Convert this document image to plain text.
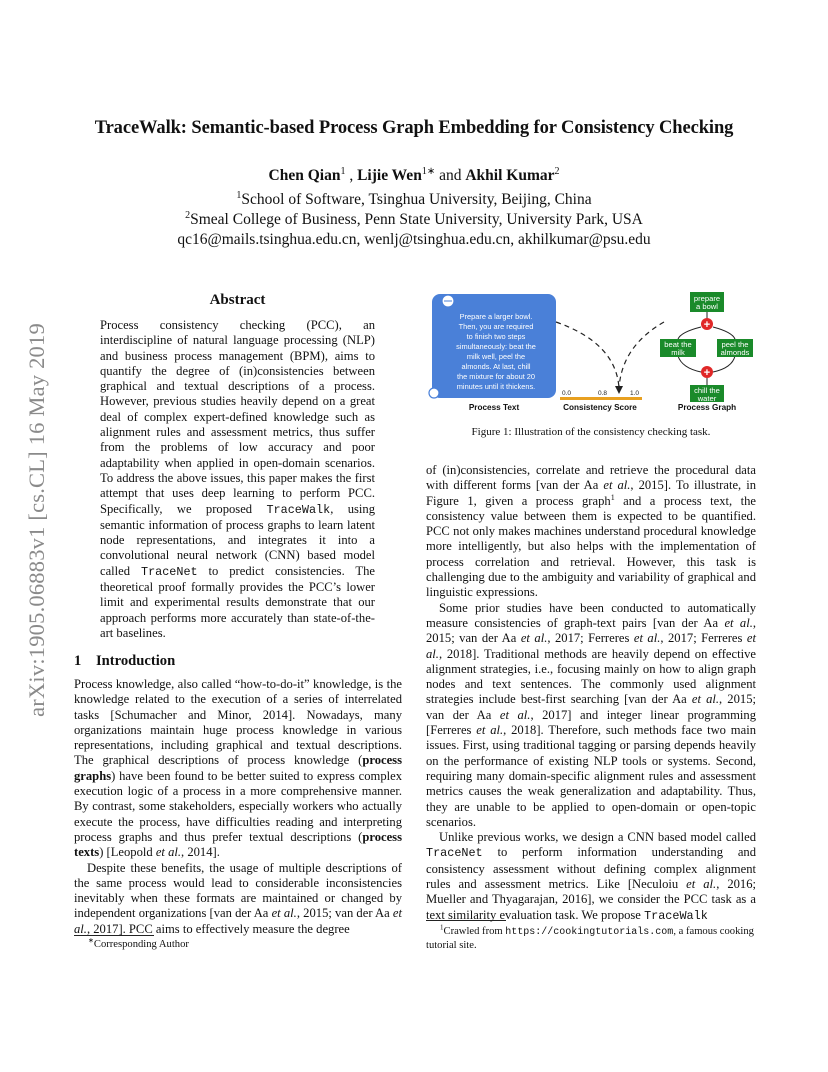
arXiv:1905.06883v1 [cs.CL] 16 May 2019
TraceWalk: Semantic-based Process Graph Embedding for Consistency Checking
Chen Qian$^1$ , Lijie Wen$^{1∗}$ and Akhil Kumar$^2$
$^1$School of Software, Tsinghua University, Beijing, China
$^2$Smeal College of Business, Penn State University, University Park, USA
qc16@mails.tsinghua.edu.cn, wenlj@tsinghua.edu.cn, akhilkumar@psu.edu
Abstract
Process consistency checking (PCC), an interdiscipline of natural language processing (NLP) and business process management (BPM), aims to quantify the degree of (in)consistencies between graphical and textual descriptions of a process. However, previous studies heavily depend on a great deal of complex expert-defined knowledge such as alignment rules and assessment metrics, thus suffer from the problems of low accuracy and poor adaptability when applied in open-domain scenarios. To address the above issues, this paper makes the first attempt that uses deep learning to perform PCC. Specifically, we proposed TraceWalk, using semantic information of process graphs to learn latent node representations, and integrates it into a convolutional neural network (CNN) based model called TraceNet to predict consistencies. The theoretical proof formally provides the PCC’s lower limit and experimental results demonstrate that our approach performs more accurately than state-of-the-art baselines.
1 Introduction

Process knowledge, also called “how-to-do-it” knowledge, is the knowledge related to the execution of a series of interrelated tasks [Schumacher and Minor, 2014]. Nowadays, many organizations maintain huge process knowledge in various representations, including graphical and textual descriptions. The graphical descriptions of process knowledge (process graphs) have been found to be better suited to express complex execution logic of a process in a more comprehensive manner. By contrast, some stakeholders, especially workers who actually execute the process, have difficulties reading and interpreting process graphs and thus prefer textual descriptions (process texts) [Leopold et al., 2014].

Despite these benefits, the usage of multiple descriptions of the same process would lead to considerable inconsistencies inevitably when these formats are maintained or changed by independent organizations [van der Aa et al., 2015; van der Aa et al., 2017]. PCC aims to effectively measure the degree

∗Corresponding Author
Prepare a larger bowl.
Then, you are required
to finish two steps
simultaneously: beat the
milk well, peel the
almonds. At last, chill
the mixture for about 20
minutes until it thickens.
0.0	0.8	1.0
Process Text	Consistency Score	Process Graph
prepare
a bowl
beat the
milk
peel the
almonds
chill the
water
+
+
Figure 1: Illustration of the consistency checking task.

of (in)consistencies, correlate and retrieve the procedural data with different forms [van der Aa et al., 2015]. To illustrate, in Figure 1, given a process graph$^1$ and a process text, the consistency value between them is expected to be quantified. PCC not only makes machines understand procedural knowledge more intelligently, but also helps with the implementation of process correlation and retrieval. However, this task is challenging due to the ambiguity and variability of graphical and linguistic expressions.

Some prior studies have been conducted to automatically measure consistencies of graph-text pairs [van der Aa et al., 2015; van der Aa et al., 2017; Ferreres et al., 2017; Ferreres et al., 2018]. Traditional methods are heavily depend on effective alignment strategies, i.e., focusing mainly on how to align graph nodes and text sentences. The commonly used alignment strategies include best-first searching [van der Aa et al., 2015; van der Aa et al., 2017] and integer linear programming [Ferreres et al., 2018]. Therefore, such methods face two main issues. First, using traditional tagging or parsing depends heavily on the performance of existing NLP tools or systems. Second, requiring many domain-specific alignment rules and assessment metrics causes the weak generalization and adaptability. Thus, they are unable to be applied to open-domain or open-topic scenarios.

Unlike previous works, we design a CNN based model called TraceNet to perform information understanding and consistency assessment without defining complex alignment rules and assessment metrics. Like [Neculoiu et al., 2016; Mueller and Thyagarajan, 2016], we consider the PCC task as a text similarity evaluation task. We propose TraceWalk

$^1$Crawled from https://cookingtutorials.com, a famous cooking tutorial site.
